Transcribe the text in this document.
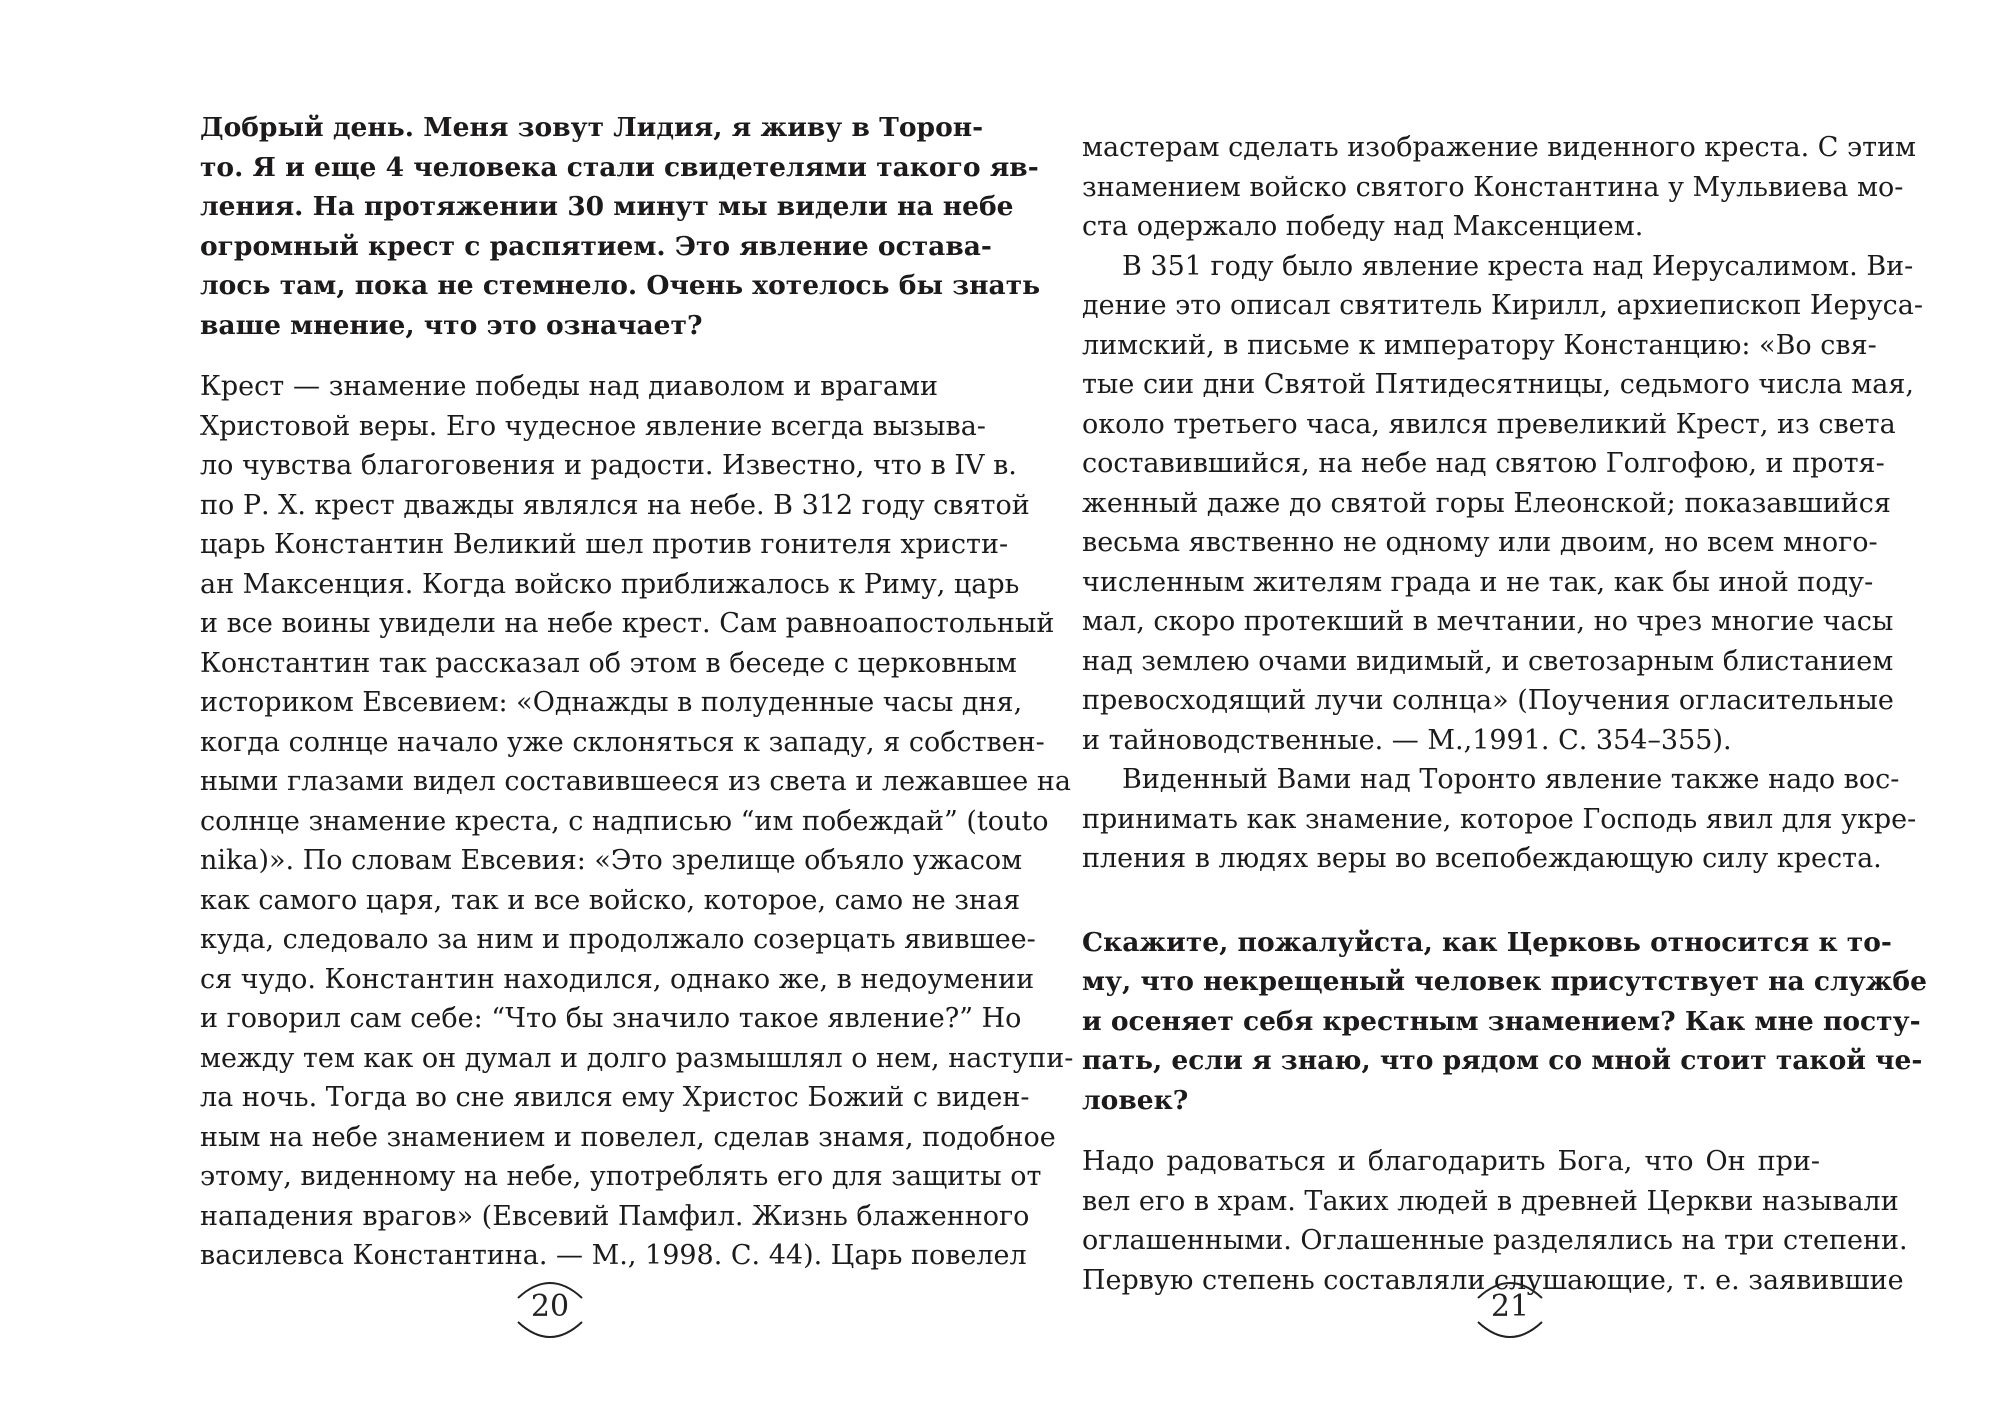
Добрый день. Меня зовут Лидия, я живу в Торон-
то. Я и еще 4 человека стали свидетелями такого яв-
ления. На протяжении 30 минут мы видели на небе
огромный крест с распятием. Это явление остава-
лось там, пока не стемнело. Очень хотелось бы знать
ваше мнение, что это означает?
Крест — знамение победы над диаволом и врагами
Христовой веры. Его чудесное явление всегда вызыва-
ло чувства благоговения и радости. Известно, что в IV в.
по Р. Х. крест дважды являлся на небе. В 312 году святой
царь Константин Великий шел против гонителя христи-
ан Максенция. Когда войско приближалось к Риму, царь
и все воины увидели на небе крест. Сам равноапостольный
Константин так рассказал об этом в беседе с церковным
историком Евсевием: «Однажды в полуденные часы дня,
когда солнце начало уже склоняться к западу, я собствен-
ными глазами видел составившееся из света и лежавшее на
солнце знамение креста, с надписью “им побеждай” (touto
nika)». По словам Евсевия: «Это зрелище объяло ужасом
как самого царя, так и все войско, которое, само не зная
куда, следовало за ним и продолжало созерцать явившее-
ся чудо. Константин находился, однако же, в недоумении
и говорил сам себе: “Что бы значило такое явление?” Но
между тем как он думал и долго размышлял о нем, наступи-
ла ночь. Тогда во сне явился ему Христос Божий с виден-
ным на небе знамением и повелел, сделав знамя, подобное
этому, виденному на небе, употреблять его для защиты от
нападения врагов» (Евсевий Памфил. Жизнь блаженного
василевса Константина. — М., 1998. С. 44). Царь повелел
20
мастерам сделать изображение виденного креста. С этим
знамением войско святого Константина у Мульвиева мо-
ста одержало победу над Максенцием.
В 351 году было явление креста над Иерусалимом. Ви-
дение это описал святитель Кирилл, архиепископ Иеруса-
лимский, в письме к императору Констанцию: «Во свя-
тые сии дни Святой Пятидесятницы, седьмого числа мая,
около третьего часа, явился превеликий Крест, из света
составившийся, на небе над святою Голгофою, и протя-
женный даже до святой горы Елеонской; показавшийся
весьма явственно не одному или двоим, но всем много-
численным жителям града и не так, как бы иной поду-
мал, скоро протекший в мечтании, но чрез многие часы
над землею очами видимый, и светозарным блистанием
превосходящий лучи солнца» (Поучения огласительные
и тайноводственные. — М.,1991. С. 354–355).
Виденный Вами над Торонто явление также надо вос-
принимать как знамение, которое Господь явил для укре-
пления в людях веры во всепобеждающую силу креста.
Скажите, пожалуйста, как Церковь относится к то-
му, что некрещеный человек присутствует на службе
и осеняет себя крестным знамением? Как мне посту-
пать, если я знаю, что рядом со мной стоит такой че-
ловек?
Надо радоваться и благодарить Бога, что Он при-
вел его в храм. Таких людей в древней Церкви называли
оглашенными. Оглашенные разделялись на три степени.
Первую степень составляли слушающие, т. е. заявившие
21
